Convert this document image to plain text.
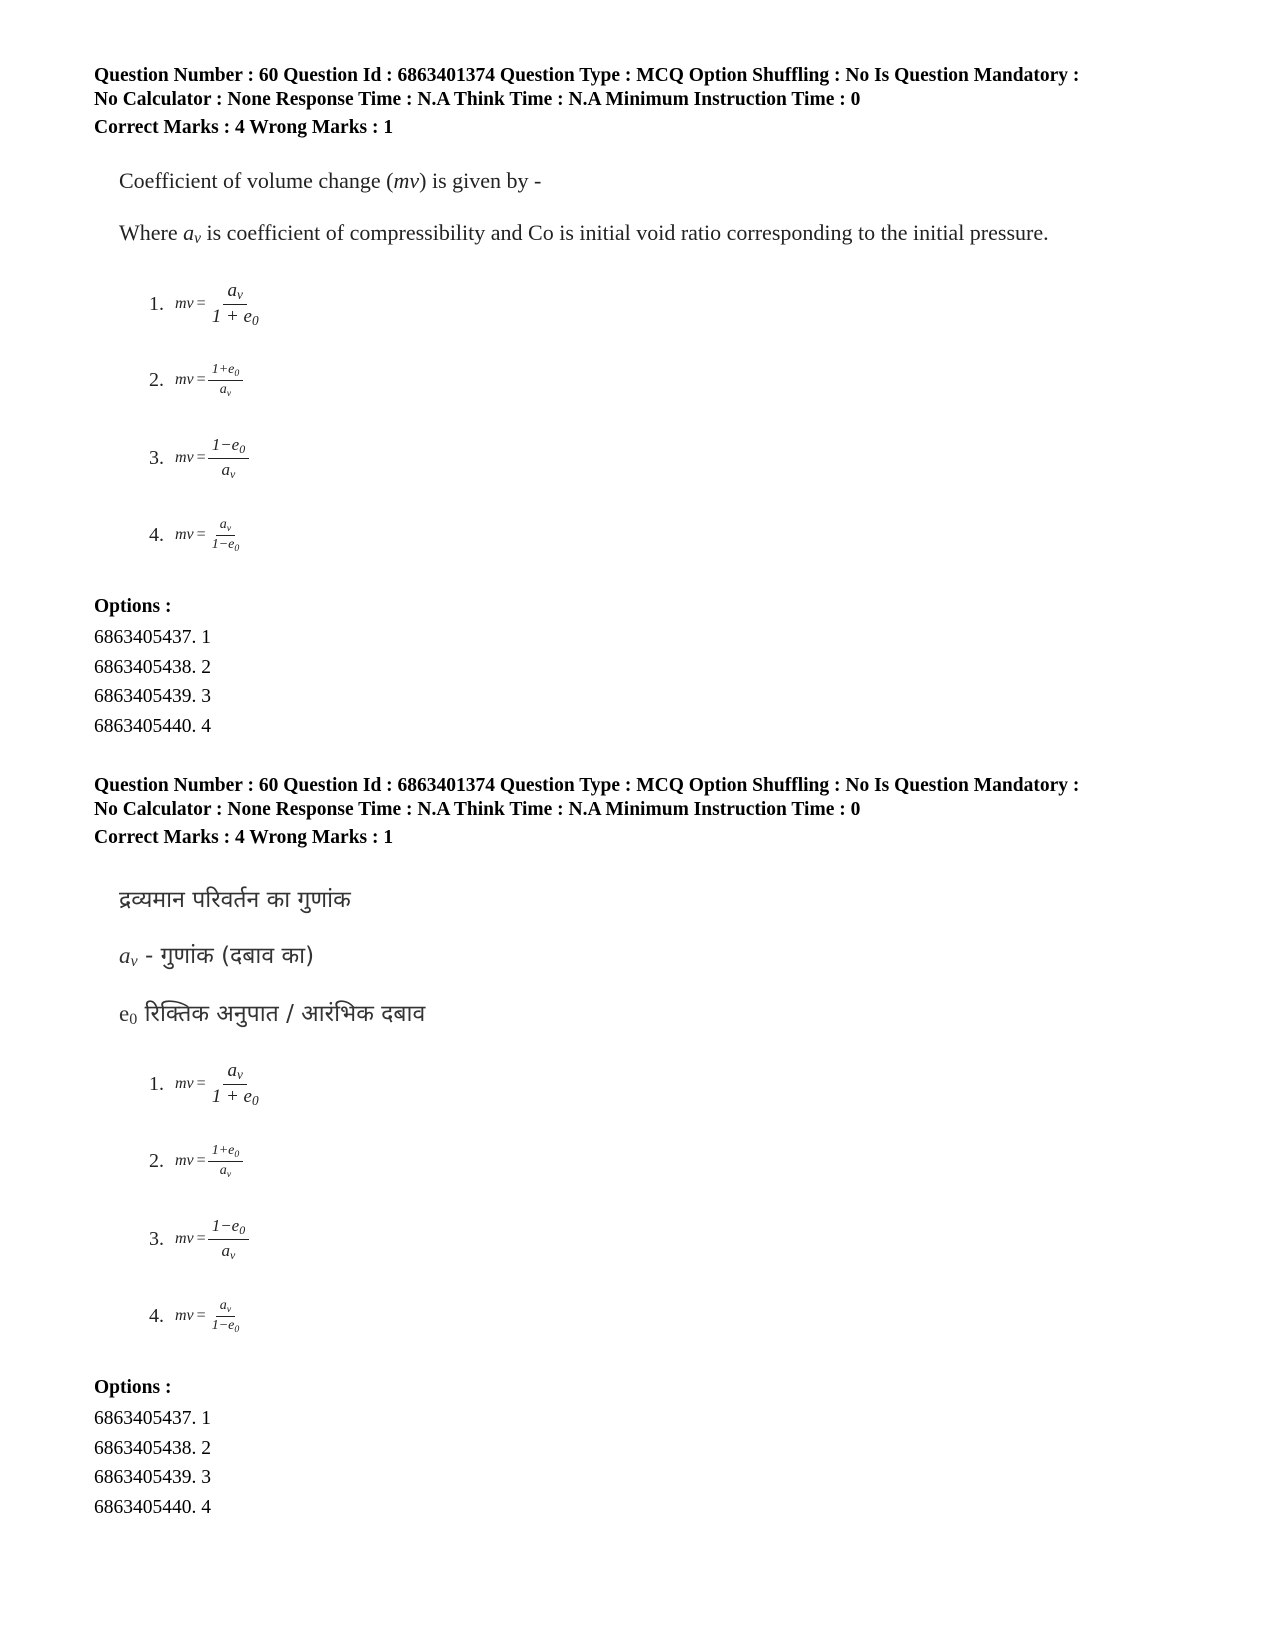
Question Number : 60 Question Id : 6863401374 Question Type : MCQ Option Shuffling : No Is Question Mandatory :
No Calculator : None Response Time : N.A Think Time : N.A Minimum Instruction Time : 0
Correct Marks : 4 Wrong Marks : 1
Coefficient of volume change (mv) is given by -
Where $a_v$ is coefficient of compressibility and Co is initial void ratio corresponding to the initial pressure.
1. mv = $\frac{a_v}{1 + e_0}$
2. mv = $\frac{1+e_0}{a_v}$
3. mv = $\frac{1-e_0}{a_v}$
4. mv = $\frac{a_v}{1-e_0}$
Options :
6863405437. 1
6863405438. 2
6863405439. 3
6863405440. 4
Question Number : 60 Question Id : 6863401374 Question Type : MCQ Option Shuffling : No Is Question Mandatory :
No Calculator : None Response Time : N.A Think Time : N.A Minimum Instruction Time : 0
Correct Marks : 4 Wrong Marks : 1
द्रव्यमान परिवर्तन का गुणांक
$a_v$ - गुणांक (दबाव का)
$e_0$ रिक्तिक अनुपात / आरंभिक दबाव
1. mv = $\frac{a_v}{1 + e_0}$
2. mv = $\frac{1+e_0}{a_v}$
3. mv = $\frac{1-e_0}{a_v}$
4. mv = $\frac{a_v}{1-e_0}$
Options :
6863405437. 1
6863405438. 2
6863405439. 3
6863405440. 4
